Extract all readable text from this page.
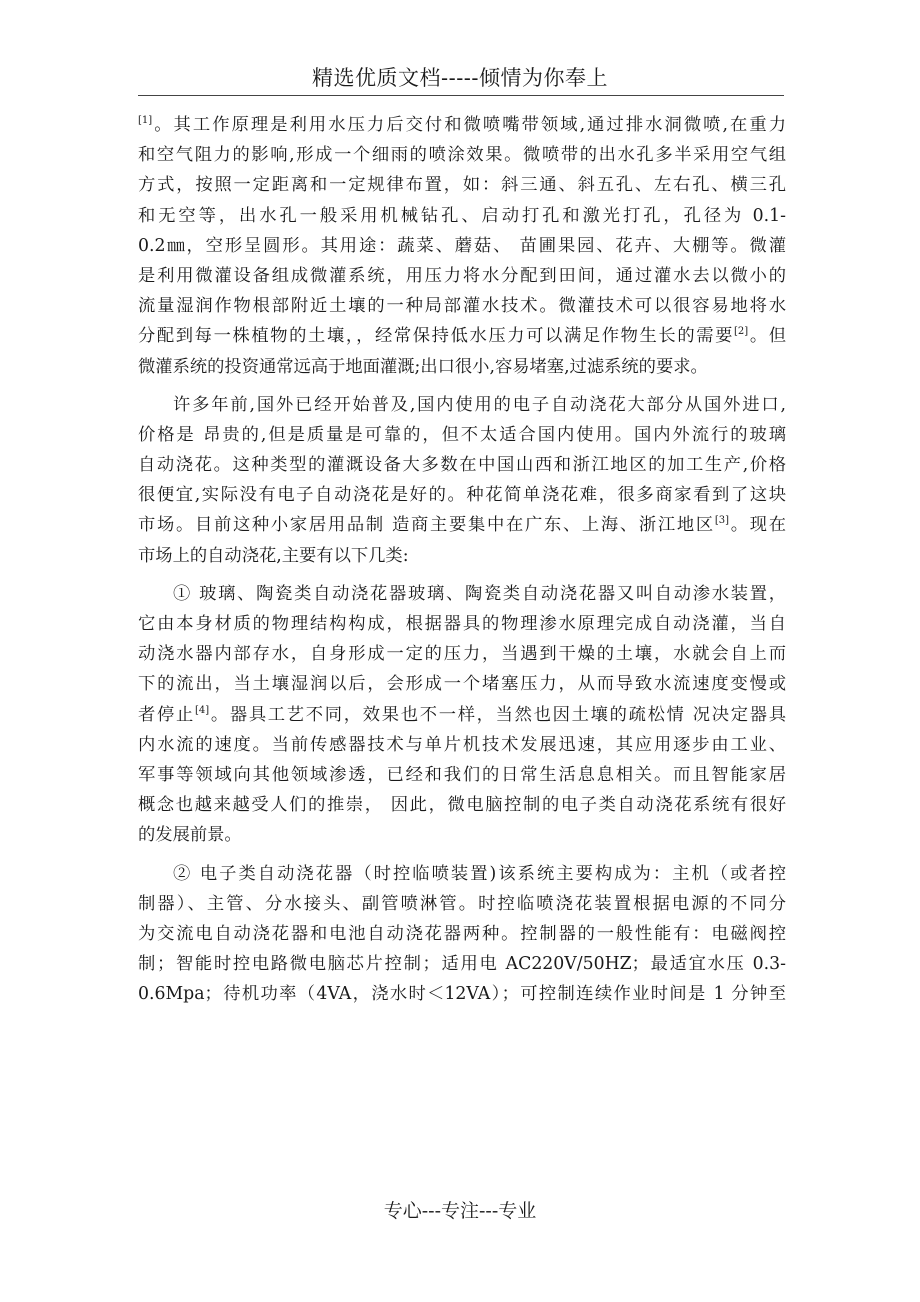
精选优质文档-----倾情为你奉上
[1]。其工作原理是利用水压力后交付和微喷嘴带领域,通过排水洞微喷,在重力
和空气阻力的影响,形成一个细雨的喷涂效果。微喷带的出水孔多半采用空气组
方式，按照一定距离和一定规律布置，如：斜三通、斜五孔、左右孔、横三孔
和无空等，出水孔一般采用机械钻孔、启动打孔和激光打孔，孔径为 0.1-
0.2㎜，空形呈圆形。其用途：蔬菜、蘑菇、 苗圃果园、花卉、大棚等。微灌
是利用微灌设备组成微灌系统，用压力将水分配到田间，通过灌水去以微小的
流量湿润作物根部附近土壤的一种局部灌水技术。微灌技术可以很容易地将水
分配到每一株植物的土壤，，经常保持低水压力可以满足作物生长的需要[2]。但
微灌系统的投资通常远高于地面灌溉;出口很小,容易堵塞,过滤系统的要求。
许多年前,国外已经开始普及,国内使用的电子自动浇花大部分从国外进口,
价格是 昂贵的,但是质量是可靠的，但不太适合国内使用。国内外流行的玻璃
自动浇花。这种类型的灌溉设备大多数在中国山西和浙江地区的加工生产,价格
很便宜,实际没有电子自动浇花是好的。种花简单浇花难，很多商家看到了这块
市场。目前这种小家居用品制 造商主要集中在广东、上海、浙江地区[3]。现在
市场上的自动浇花,主要有以下几类:
① 玻璃、陶瓷类自动浇花器玻璃、陶瓷类自动浇花器又叫自动渗水装置，
它由本身材质的物理结构构成，根据器具的物理渗水原理完成自动浇灌，当自
动浇水器内部存水，自身形成一定的压力，当遇到干燥的土壤，水就会自上而
下的流出，当土壤湿润以后，会形成一个堵塞压力，从而导致水流速度变慢或
者停止[4]。器具工艺不同，效果也不一样，当然也因土壤的疏松情 况决定器具
内水流的速度。当前传感器技术与单片机技术发展迅速，其应用逐步由工业、
军事等领域向其他领域渗透，已经和我们的日常生活息息相关。而且智能家居
概念也越来越受人们的推崇， 因此，微电脑控制的电子类自动浇花系统有很好
的发展前景。
② 电子类自动浇花器（时控临喷装置)该系统主要构成为：主机（或者控
制器）、主管、分水接头、副管喷淋管。时控临喷浇花装置根据电源的不同分
为交流电自动浇花器和电池自动浇花器两种。控制器的一般性能有：电磁阀控
制；智能时控电路微电脑芯片控制；适用电 AC220V/50HZ；最适宜水压 0.3-
0.6Mpa；待机功率（4VA，浇水时＜12VA）；可控制连续作业时间是 1 分钟至
专心---专注---专业
